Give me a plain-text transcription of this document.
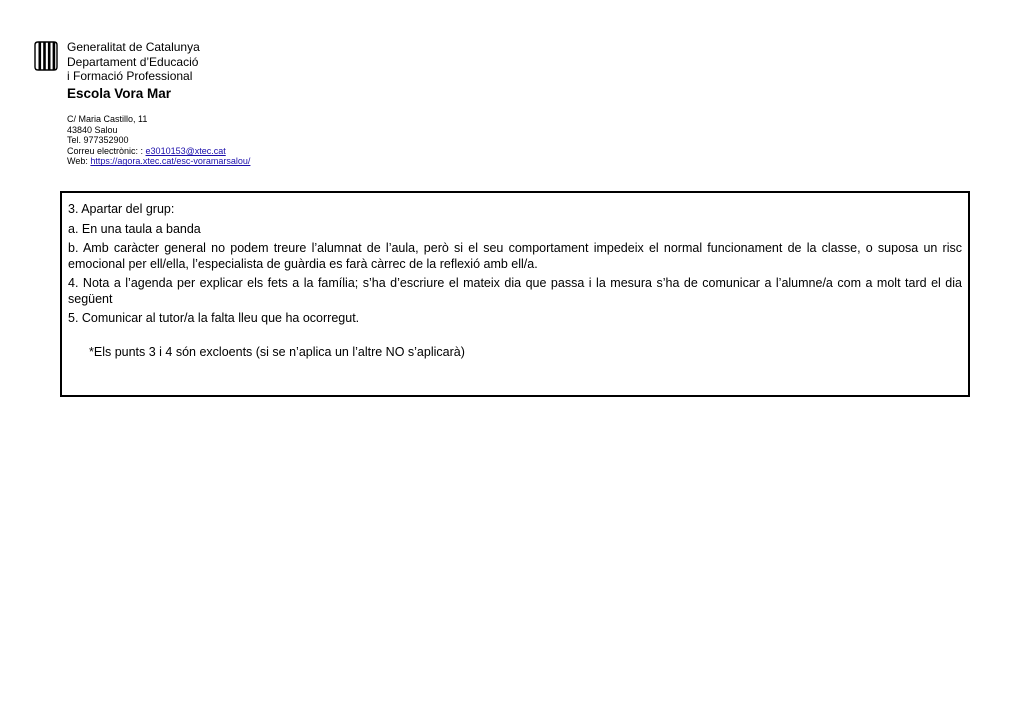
Generalitat de Catalunya
Departament d’Educació
i Formació Professional
Escola Vora Mar
C/ Maria Castillo, 11
43840 Salou
Tel. 977352900
Correu electrònic: : e3010153@xtec.cat
Web: https://agora.xtec.cat/esc-voramarsalou/

3. Apartar del grup:

a. En una taula a banda

b. Amb caràcter general no podem treure l’alumnat de l’aula, però si el seu comportament impedeix el normal funcionament de la classe, o suposa un risc emocional per ell/ella, l’especialista de guàrdia es farà càrrec de la reflexió amb ell/a.

4. Nota a l’agenda per explicar els fets a la família; s’ha d’escriure el mateix dia que passa i la mesura s’ha de comunicar a l’alumne/a com a molt tard el dia següent

5. Comunicar al tutor/a la falta lleu que ha ocorregut.

*Els punts 3 i 4 són excloents (si se n’aplica un l’altre NO s’aplicarà)
